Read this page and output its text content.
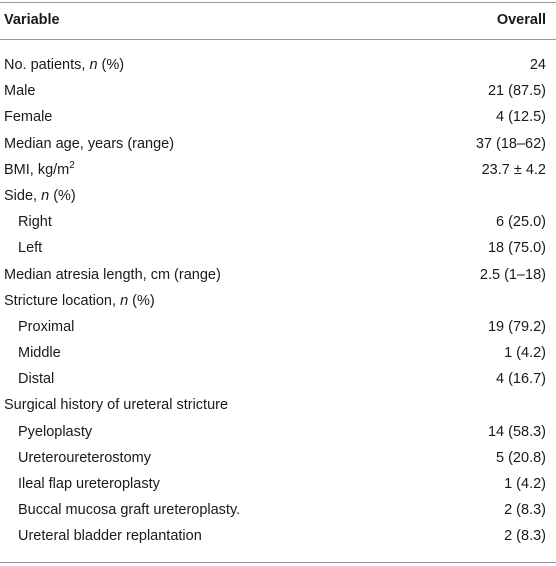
Variable	Overall
No. patients, n (%)	24
Male	21 (87.5)
Female	4 (12.5)
Median age, years (range)	37 (18–62)
BMI, $kg/m^2$	23.7 ± 4.2
Side, n (%)
Right	6 (25.0)
Left	18 (75.0)
Median atresia length, cm (range)	2.5 (1–18)
Stricture location, n (%)
Proximal	19 (79.2)
Middle	1 (4.2)
Distal	4 (16.7)
Surgical history of ureteral stricture
Pyeloplasty	14 (58.3)
Ureteroureterostomy	5 (20.8)
Ileal flap ureteroplasty	1 (4.2)
Buccal mucosa graft ureteroplasty.	2 (8.3)
Ureteral bladder replantation	2 (8.3)
